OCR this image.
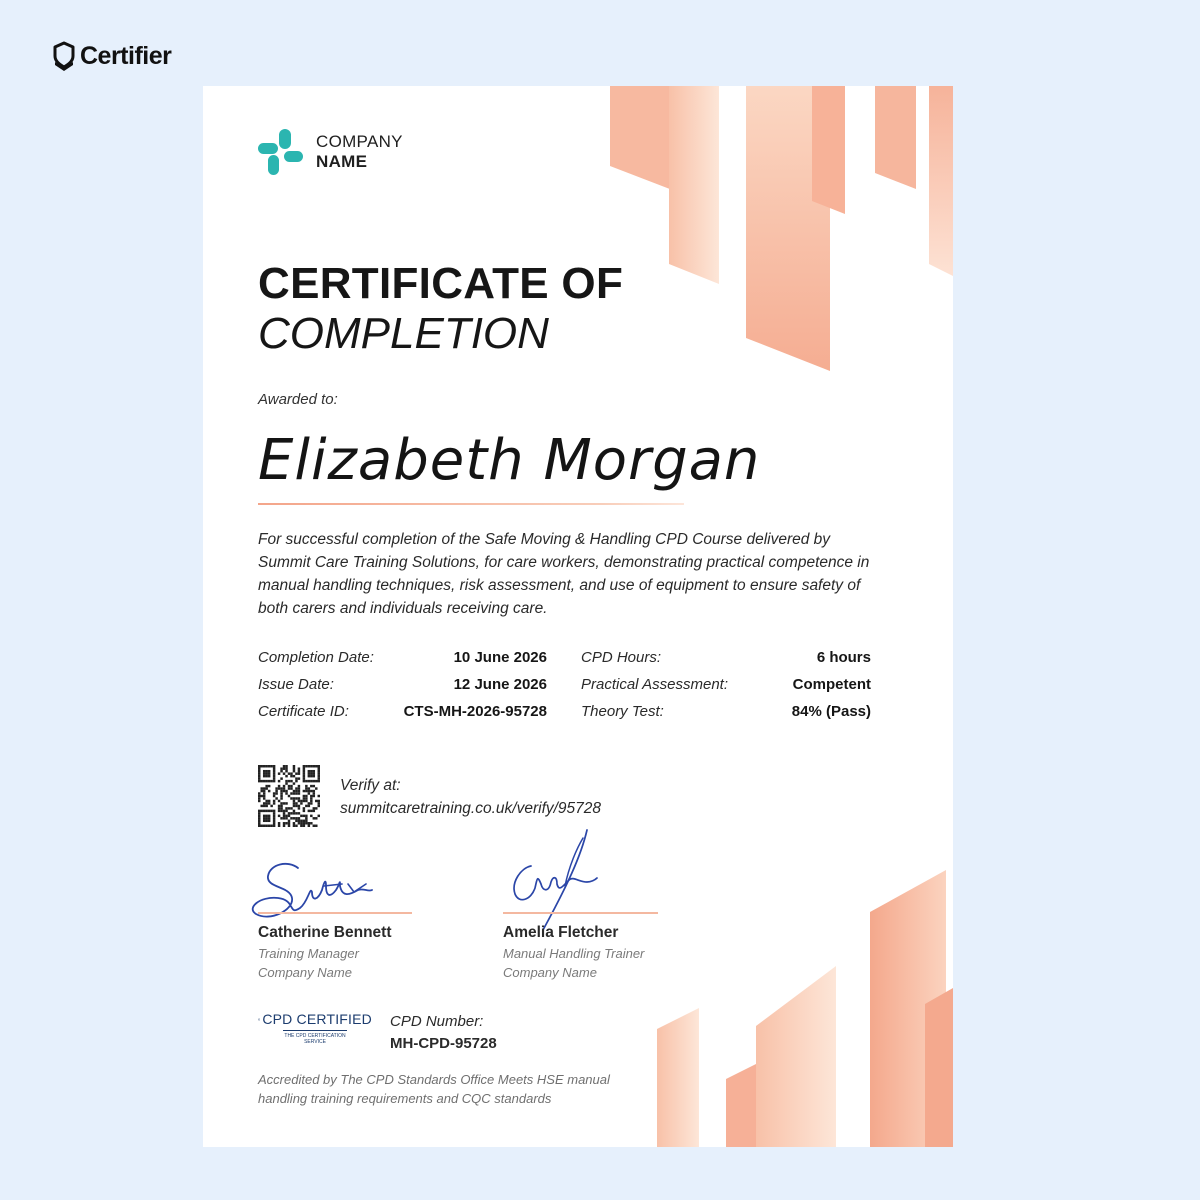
Certifier
COMPANY
NAME
CERTIFICATE OF
COMPLETION
Awarded to:
Elizabeth Morgan
For successful completion of the Safe Moving & Handling CPD Course delivered by Summit Care Training Solutions, for care workers, demonstrating practical competence in manual handling techniques, risk assessment, and use of equipment to ensure safety of both carers and individuals receiving care.
Completion Date:	10 June 2026
Issue Date:	12 June 2026
Certificate ID:	CTS-MH-2026-95728
CPD Hours:	6 hours
Practical Assessment:	Competent
Theory Test:	84% (Pass)
Verify at:
summitcaretraining.co.uk/verify/95728
Catherine Bennett
Training Manager
Company Name
Amelia Fletcher
Manual Handling Trainer
Company Name
CPD CERTIFIED
THE CPD CERTIFICATION
SERVICE
CPD Number:
MH-CPD-95728
Accredited by The CPD Standards Office Meets HSE manual handling training requirements and CQC standards
